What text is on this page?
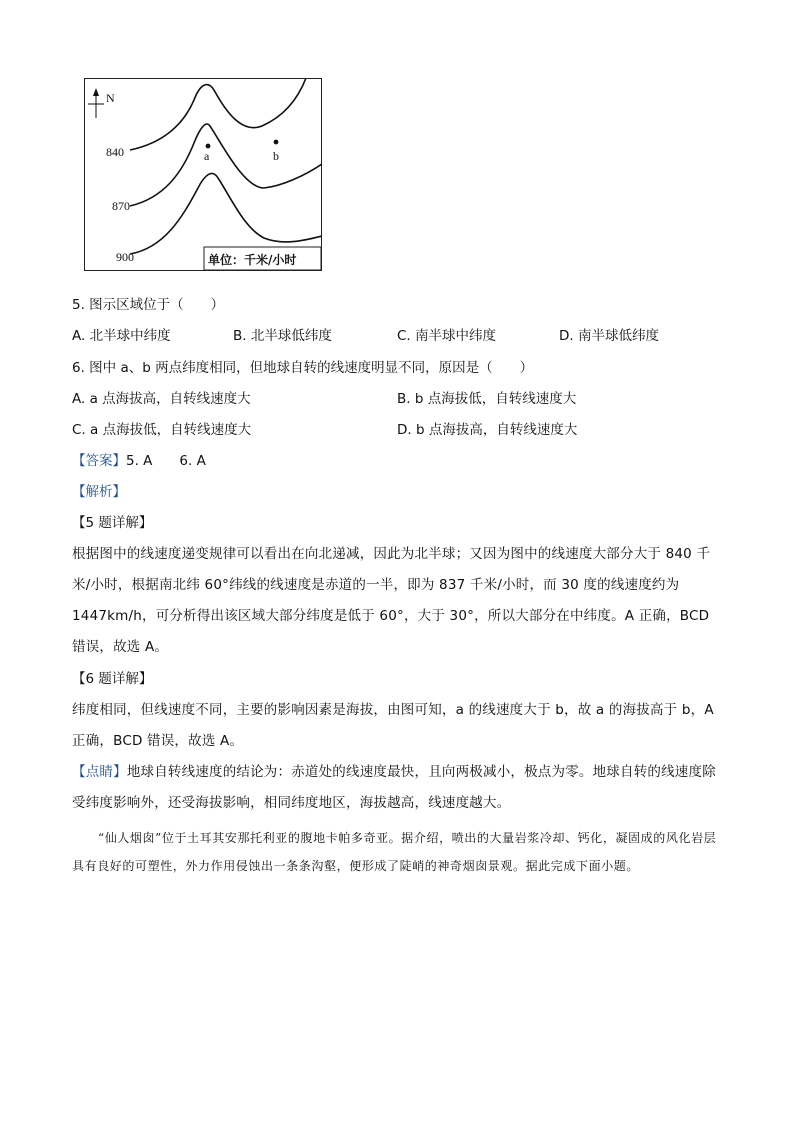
N
840
870
900
a	b
单位：千米/小时
5. 图示区域位于（　　）
A. 北半球中纬度	B. 北半球低纬度	C. 南半球中纬度	D. 南半球低纬度
6. 图中 a、b 两点纬度相同，但地球自转的线速度明显不同，原因是（　　）
A. a 点海拔高，自转线速度大	B. b 点海拔低，自转线速度大
C. a 点海拔低，自转线速度大	D. b 点海拔高，自转线速度大
【答案】5. A　　6. A
【解析】
【5 题详解】
根据图中的线速度递变规律可以看出在向北递减，因此为北半球；又因为图中的线速度大部分大于 840 千米/小时，根据南北纬 60°纬线的线速度是赤道的一半，即为 837 千米/小时，而 30 度的线速度约为 1447km/h，可分析得出该区域大部分纬度是低于 60°，大于 30°，所以大部分在中纬度。A 正确，BCD 错误，故选 A。
【6 题详解】
纬度相同，但线速度不同，主要的影响因素是海拔，由图可知，a 的线速度大于 b，故 a 的海拔高于 b，A 正确，BCD 错误，故选 A。
【点睛】地球自转线速度的结论为：赤道处的线速度最快，且向两极减小，极点为零。地球自转的线速度除受纬度影响外，还受海拔影响，相同纬度地区，海拔越高，线速度越大。
“仙人烟囱”位于土耳其安那托利亚的腹地卡帕多奇亚。据介绍，喷出的大量岩浆冷却、钙化，凝固成的风化岩层具有良好的可塑性，外力作用侵蚀出一条条沟壑，便形成了陡峭的神奇烟囱景观。据此完成下面小题。
